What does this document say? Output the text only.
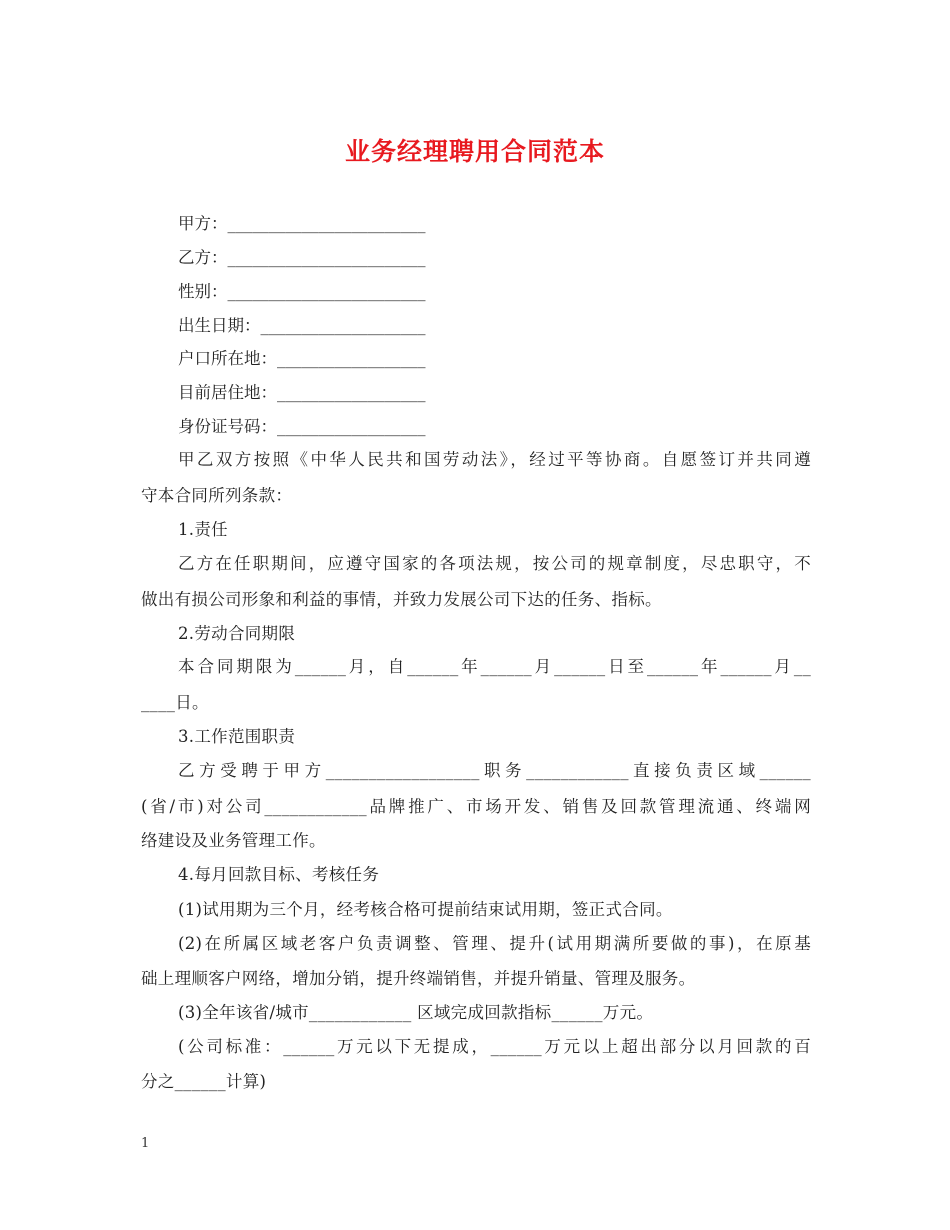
业务经理聘用合同范本
甲方：________________________
乙方：________________________
性别：________________________
出生日期：____________________
户口所在地：__________________
目前居住地：__________________
身份证号码：__________________
甲乙双方按照《中华人民共和国劳动法》，经过平等协商。自愿签订并共同遵
守本合同所列条款：
1.责任
乙方在任职期间，应遵守国家的各项法规，按公司的规章制度，尽忠职守，不
做出有损公司形象和利益的事情，并致力发展公司下达的任务、指标。
2.劳动合同期限
本合同期限为______月，自______年______月______日至______年______月__
____日。
3.工作范围职责
乙方受聘于甲方__________________职务____________直接负责区域______
(省/市)对公司____________品牌推广、市场开发、销售及回款管理流通、终端网
络建设及业务管理工作。
4.每月回款目标、考核任务
(1)试用期为三个月，经考核合格可提前结束试用期，签正式合同。
(2)在所属区域老客户负责调整、管理、提升(试用期满所要做的事)，在原基
础上理顺客户网络，增加分销，提升终端销售，并提升销量、管理及服务。
(3)全年该省/城市____________ 区域完成回款指标______万元。
(公司标准：______万元以下无提成，______万元以上超出部分以月回款的百
分之______计算)
1
